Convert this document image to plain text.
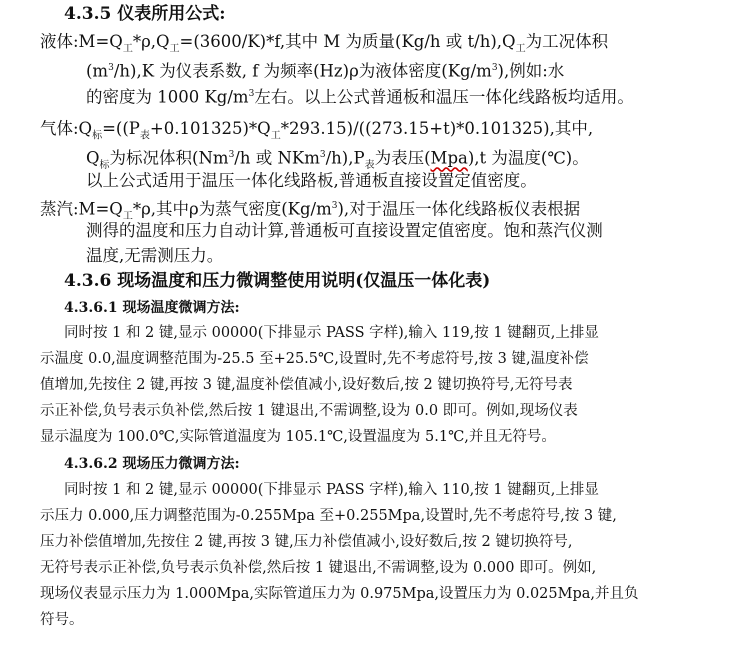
4.3.5 仪表所用公式:
液体$:M=Q_工*\rho,Q_工=(3600/K)*f$,其中 M 为质量(Kg/h 或 $t/h),Q_工$为工况体积
$(m^3/h),K$ 为仪表系数, f 为频率(Hz)ρ为液体密度$(Kg/m^3)$,例如:水
的密度为 1000 $Kg/m^3$左右。以上公式普通板和温压一体化线路板均适用。
气体$:Q_标=((P_表+0.101325)*Q_工*293.15)/((273.15+t)*0.101325)$,其中,
$Q_标$为标况体积(Nm$^3$/h 或 $NKm^3/h),P_表$为表压(Mpa),t 为温度(℃)。
以上公式适用于温压一体化线路板,普通板直接设置定值密度。
蒸汽$:M=Q_工*\rho$,其中ρ为蒸气密度$(Kg/m^3)$,对于温压一体化线路板仪表根据
测得的温度和压力自动计算,普通板可直接设置定值密度。饱和蒸汽仪测
温度,无需测压力。
4.3.6 现场温度和压力微调整使用说明(仅温压一体化表)
4.3.6.1 现场温度微调方法:
同时按 1 和 2 键,显示 00000(下排显示 PASS 字样),输入 119,按 1 键翻页,上排显
示温度 0.0,温度调整范围为-25.5 至+25.5℃,设置时,先不考虑符号,按 3 键,温度补偿
值增加,先按住 2 键,再按 3 键,温度补偿值减小,设好数后,按 2 键切换符号,无符号表
示正补偿,负号表示负补偿,然后按 1 键退出,不需调整,设为 0.0 即可。例如,现场仪表
显示温度为 100.0℃,实际管道温度为 105.1℃,设置温度为 5.1℃,并且无符号。
4.3.6.2 现场压力微调方法:
同时按 1 和 2 键,显示 00000(下排显示 PASS 字样),输入 110,按 1 键翻页,上排显
示压力 0.000,压力调整范围为-0.255Mpa 至+0.255Mpa,设置时,先不考虑符号,按 3 键,
压力补偿值增加,先按住 2 键,再按 3 键,压力补偿值减小,设好数后,按 2 键切换符号,
无符号表示正补偿,负号表示负补偿,然后按 1 键退出,不需调整,设为 0.000 即可。例如,
现场仪表显示压力为 1.000Mpa,实际管道压力为 0.975Mpa,设置压力为 0.025Mpa,并且负
符号。
